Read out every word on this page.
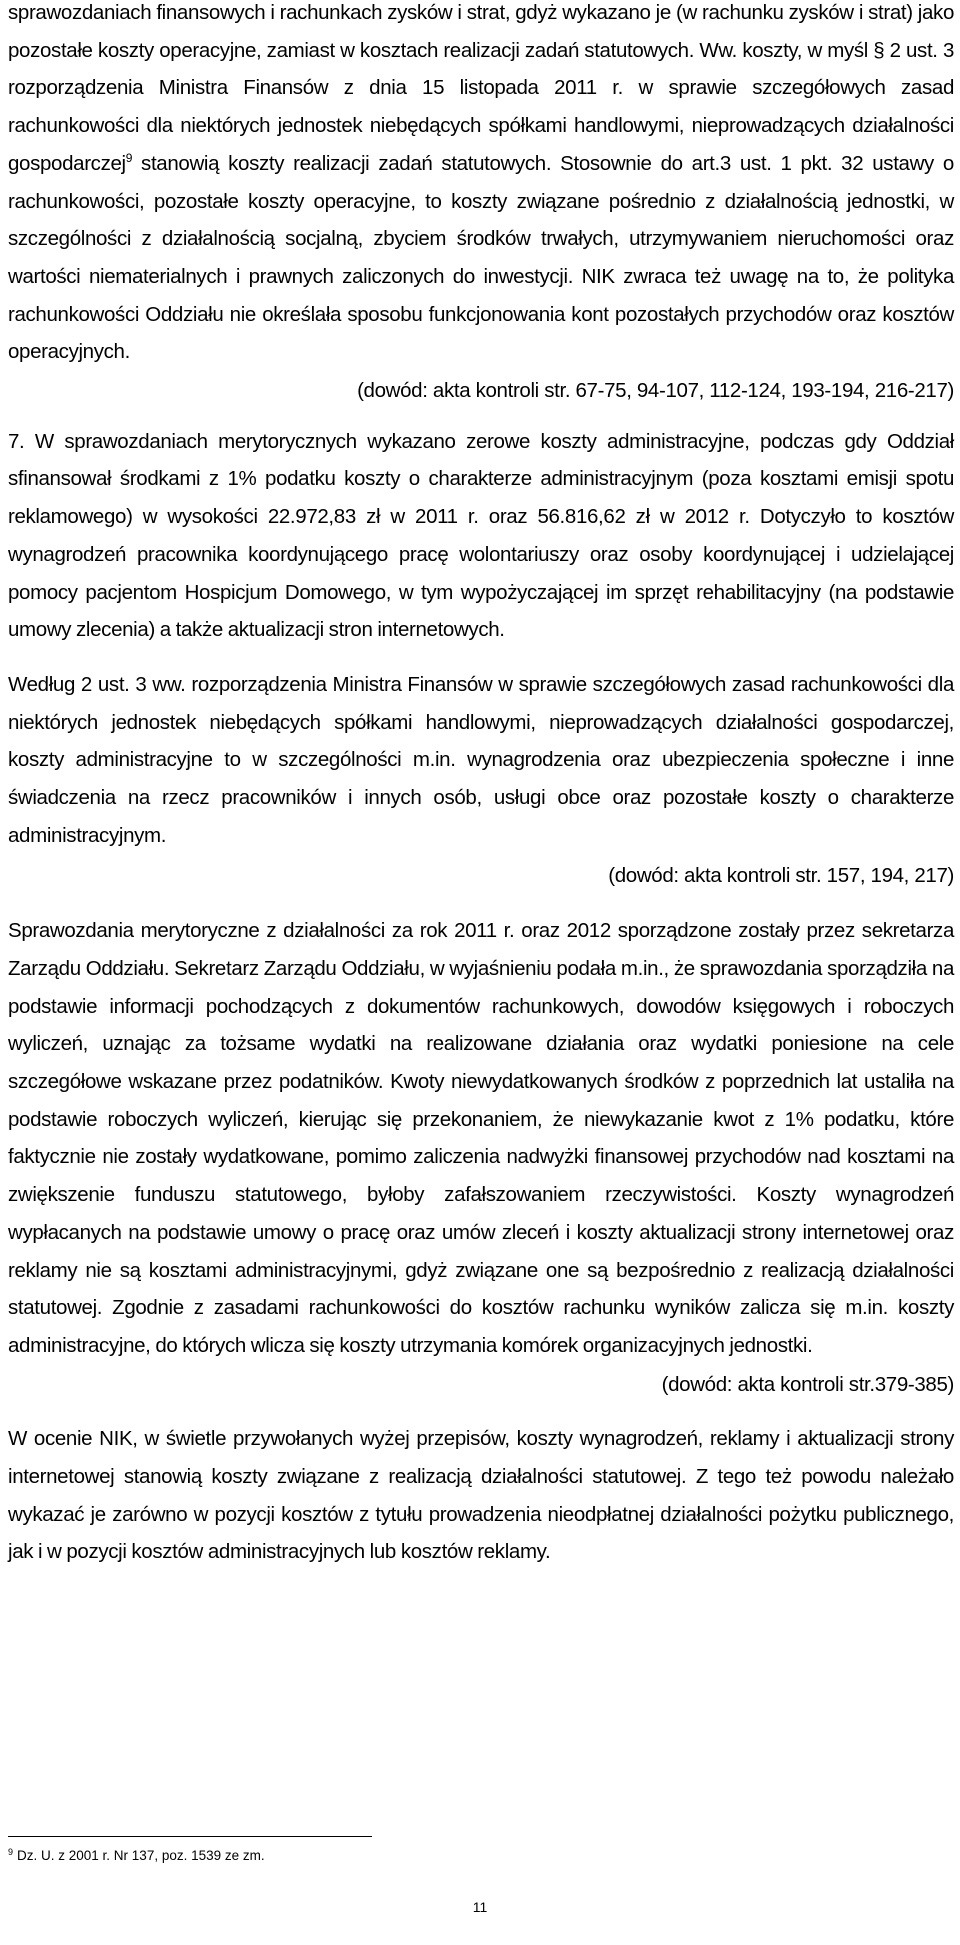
sprawozdaniach finansowych i rachunkach zysków i strat, gdyż wykazano je (w rachunku zysków i strat) jako pozostałe koszty operacyjne, zamiast w kosztach realizacji zadań statutowych. Ww. koszty, w myśl § 2 ust. 3 rozporządzenia Ministra Finansów z dnia 15 listopada 2011 r. w sprawie szczegółowych zasad rachunkowości dla niektórych jednostek niebędących spółkami handlowymi, nieprowadzących działalności gospodarczej$^9$ stanowią koszty realizacji zadań statutowych. Stosownie do art.3 ust. 1 pkt. 32 ustawy o rachunkowości, pozostałe koszty operacyjne, to koszty związane pośrednio z działalnością jednostki, w szczególności z działalnością socjalną, zbyciem środków trwałych, utrzymywaniem nieruchomości oraz wartości niematerialnych i prawnych zaliczonych do inwestycji. NIK zwraca też uwagę na to, że polityka rachunkowości Oddziału nie określała sposobu funkcjonowania kont pozostałych przychodów oraz kosztów operacyjnych.

(dowód: akta kontroli str. 67-75, 94-107, 112-124, 193-194, 216-217)

7. W sprawozdaniach merytorycznych wykazano zerowe koszty administracyjne, podczas gdy Oddział sfinansował środkami z 1% podatku koszty o charakterze administracyjnym (poza kosztami emisji spotu reklamowego) w wysokości 22.972,83 zł w 2011 r. oraz 56.816,62 zł w 2012 r. Dotyczyło to kosztów wynagrodzeń pracownika koordynującego pracę wolontariuszy oraz osoby koordynującej i udzielającej pomocy pacjentom Hospicjum Domowego, w tym wypożyczającej im sprzęt rehabilitacyjny (na podstawie umowy zlecenia) a także aktualizacji stron internetowych.

Według 2 ust. 3 ww. rozporządzenia Ministra Finansów w sprawie szczegółowych zasad rachunkowości dla niektórych jednostek niebędących spółkami handlowymi, nieprowadzących działalności gospodarczej, koszty administracyjne to w szczególności m.in. wynagrodzenia oraz ubezpieczenia społeczne i inne świadczenia na rzecz pracowników i innych osób, usługi obce oraz pozostałe koszty o charakterze administracyjnym.

(dowód: akta kontroli str. 157, 194, 217)

Sprawozdania merytoryczne z działalności za rok 2011 r. oraz 2012 sporządzone zostały przez sekretarza Zarządu Oddziału. Sekretarz Zarządu Oddziału, w wyjaśnieniu podała m.in., że sprawozdania sporządziła na podstawie informacji pochodzących z dokumentów rachunkowych, dowodów księgowych i roboczych wyliczeń, uznając za tożsame wydatki na realizowane działania oraz wydatki poniesione na cele szczegółowe wskazane przez podatników. Kwoty niewydatkowanych środków z poprzednich lat ustaliła na podstawie roboczych wyliczeń, kierując się przekonaniem, że niewykazanie kwot z 1% podatku, które faktycznie nie zostały wydatkowane, pomimo zaliczenia nadwyżki finansowej przychodów nad kosztami na zwiększenie funduszu statutowego, byłoby zafałszowaniem rzeczywistości. Koszty wynagrodzeń wypłacanych na podstawie umowy o pracę oraz umów zleceń i koszty aktualizacji strony internetowej oraz reklamy nie są kosztami administracyjnymi, gdyż związane one są bezpośrednio z realizacją działalności statutowej. Zgodnie z zasadami rachunkowości do kosztów rachunku wyników zalicza się m.in. koszty administracyjne, do których wlicza się koszty utrzymania komórek organizacyjnych jednostki.

(dowód: akta kontroli str.379-385)

W ocenie NIK, w świetle przywołanych wyżej przepisów, koszty wynagrodzeń, reklamy i aktualizacji strony internetowej stanowią koszty związane z realizacją działalności statutowej. Z tego też powodu należało wykazać je zarówno w pozycji kosztów z tytułu prowadzenia nieodpłatnej działalności pożytku publicznego, jak i w pozycji kosztów administracyjnych lub kosztów reklamy.

$^9$ Dz. U. z 2001 r. Nr 137, poz. 1539 ze zm.

11
